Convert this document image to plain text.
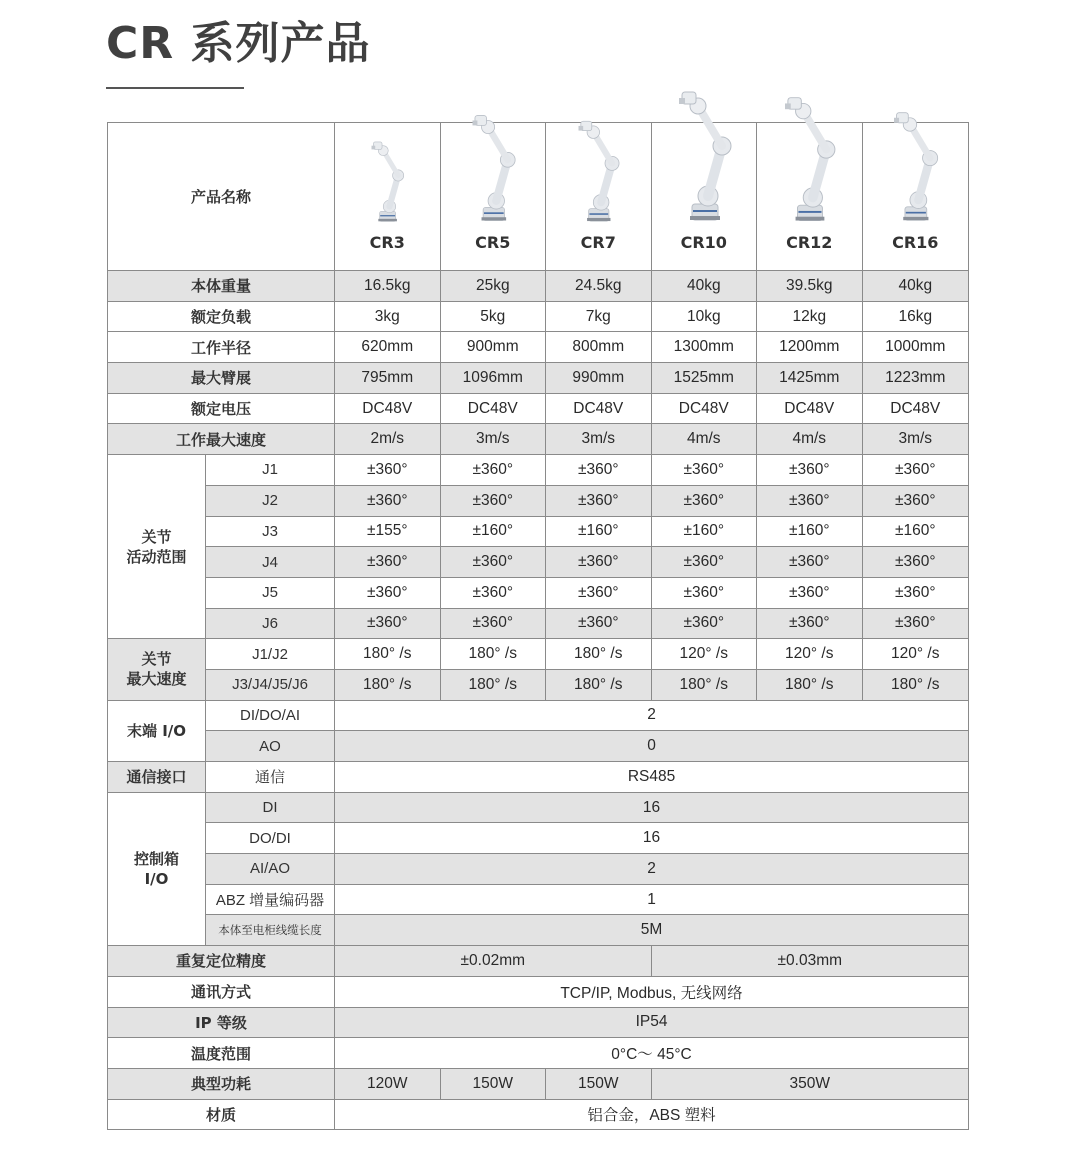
CR 系列产品
产品名称		CR3	CR5	CR7	CR10	CR12	CR16

本体重量		16.5kg	25kg	24.5kg	40kg	39.5kg	40kg
额定负载		3kg	5kg	7kg	10kg	12kg	16kg
工作半径		620mm	900mm	800mm	1300mm	1200mm	1000mm
最大臂展		795mm	1096mm	990mm	1525mm	1425mm	1223mm
额定电压		DC48V	DC48V	DC48V	DC48V	DC48V	DC48V
工作最大速度		2m/s	3m/s	3m/s	4m/s	4m/s	3m/s
关节
活动范围	J1	±360°	±360°	±360°	±360°	±360°	±360°
	J2	±360°	±360°	±360°	±360°	±360°	±360°
	J3	±155°	±160°	±160°	±160°	±160°	±160°
	J4	±360°	±360°	±360°	±360°	±360°	±360°
	J5	±360°	±360°	±360°	±360°	±360°	±360°
	J6	±360°	±360°	±360°	±360°	±360°	±360°
关节
最大速度	J1/J2	180° /s	180° /s	180° /s	120° /s	120° /s	120° /s
	J3/J4/J5/J6	180° /s	180° /s	180° /s	180° /s	180° /s	180° /s
末端 I/O	DI/DO/AI	2					
	AO	0					
通信接口	通信	RS485					
控制箱
I/O	DI	16					
	DO/DI	16					
	AI/AO	2					
	ABZ 增量编码器	1					
	本体至电柜线缆长度	5M					
重复定位精度		±0.02mm			±0.03mm		
通讯方式		TCP/IP, Modbus, 无线网络					
IP 等级		IP54					
温度范围		0°C～ 45°C					
典型功耗		120W	150W	150W	350W		
材质		铝合金，ABS 塑料					
